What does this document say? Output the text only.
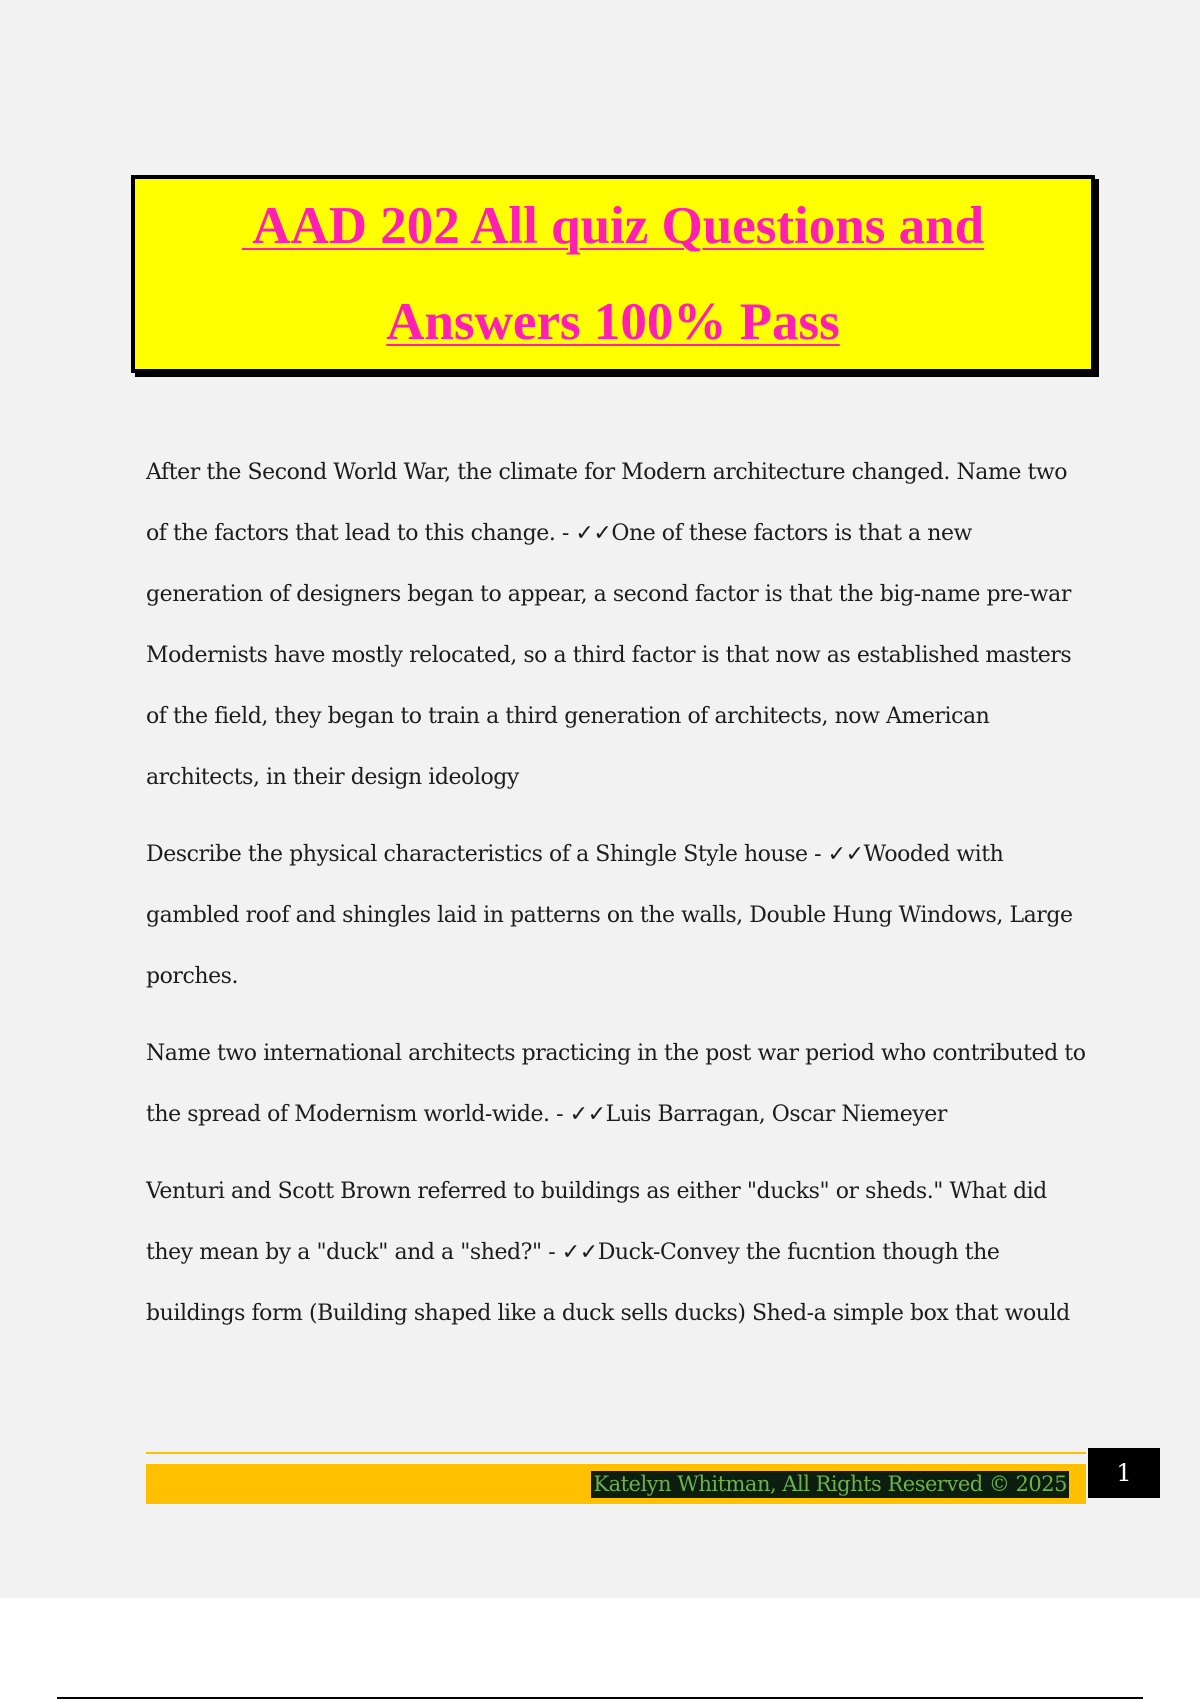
AAD 202 All quiz Questions and

Answers 100% Pass

After the Second World War, the climate for Modern architecture changed. Name two of the factors that lead to this change. - ✓✓One of these factors is that a new generation of designers began to appear, a second factor is that the big-name pre-war Modernists have mostly relocated, so a third factor is that now as established masters of the field, they began to train a third generation of architects, now American architects, in their design ideology

Describe the physical characteristics of a Shingle Style house - ✓✓Wooded with gambled roof and shingles laid in patterns on the walls, Double Hung Windows, Large porches.

Name two international architects practicing in the post war period who contributed to the spread of Modernism world-wide. - ✓✓Luis Barragan, Oscar Niemeyer

Venturi and Scott Brown referred to buildings as either "ducks" or sheds." What did they mean by a "duck" and a "shed?" - ✓✓Duck-Convey the fucntion though the buildings form (Building shaped like a duck sells ducks) Shed-a simple box that would

Katelyn Whitman, All Rights Reserved © 2025	1
